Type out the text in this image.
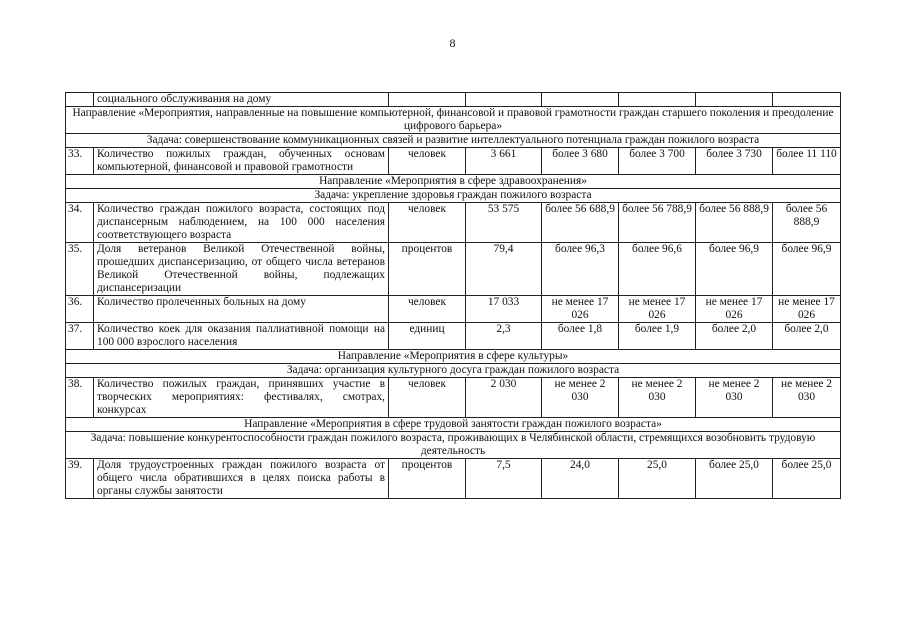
8
	социального обслуживания на дому						
Направление «Мероприятия, направленные на повышение компьютерной, финансовой и правовой грамотности граждан старшего поколения и преодоление цифрового барьера»							
Задача: совершенствование коммуникационных связей и развитие интеллектуального потенциала граждан пожилого возраста							
33.	Количество пожилых граждан, обученных основам компьютерной, финансовой и правовой грамотности	человек	3 661	более 3 680	более 3 700	более 3 730	более 11 110
Направление «Мероприятия в сфере здравоохранения»							
Задача: укрепление здоровья граждан пожилого возраста							
34.	Количество граждан пожилого возраста, состоящих под диспансерным наблюдением, на 100 000 населения соответствующего возраста	человек	53 575	более 56 688,9	более 56 788,9	более 56 888,9	более 56 888,9
35.	Доля ветеранов Великой Отечественной войны, прошедших диспансеризацию, от общего числа ветеранов Великой Отечественной войны, подлежащих диспансеризации	процентов	79,4	более 96,3	более 96,6	более 96,9	более 96,9
36.	Количество пролеченных больных на дому	человек	17 033	не менее 17 026	не менее 17 026	не менее 17 026	не менее 17 026
37.	Количество коек для оказания паллиативной помощи на 100 000 взрослого населения	единиц	2,3	более 1,8	более 1,9	более 2,0	более 2,0
Направление «Мероприятия в сфере культуры»							
Задача: организация культурного досуга граждан пожилого возраста							
38.	Количество пожилых граждан, принявших участие в творческих мероприятиях: фестивалях, смотрах, конкурсах	человек	2 030	не менее 2 030	не менее 2 030	не менее 2 030	не менее 2 030
Направление «Мероприятия в сфере трудовой занятости граждан пожилого возраста»							
Задача: повышение конкурентоспособности граждан пожилого возраста, проживающих в Челябинской области, стремящихся возобновить трудовую деятельность							
39.	Доля трудоустроенных граждан пожилого возраста от общего числа обратившихся в целях поиска работы в органы службы занятости	процентов	7,5	24,0	25,0	более 25,0	более 25,0
